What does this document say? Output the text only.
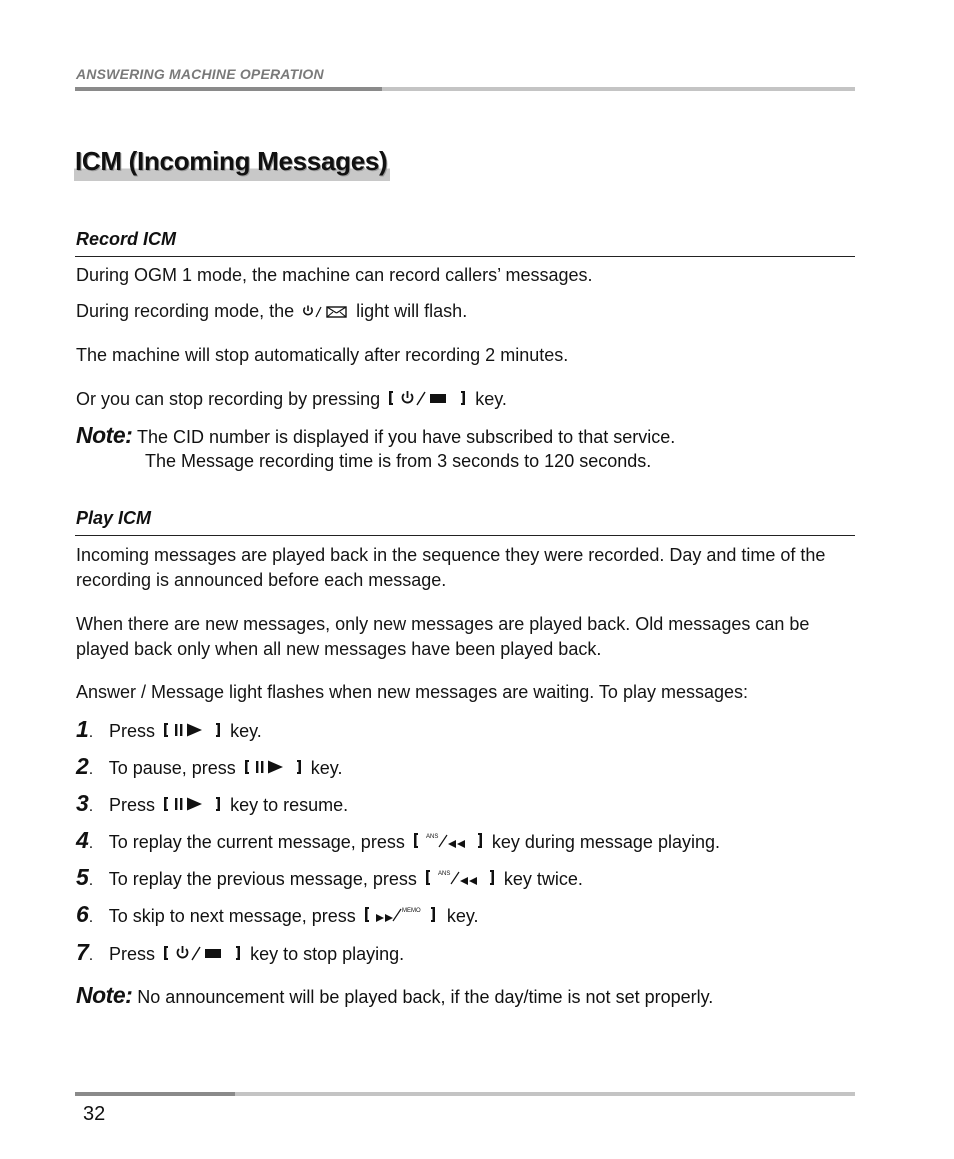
ANSWERING MACHINE OPERATION
ICM (Incoming Messages)
Record ICM
During OGM 1 mode, the machine can record callers’ messages.
During recording mode, the	light will flash.
The machine will stop automatically after recording 2 minutes.
Or you can stop recording by pressing	key.
Note: The CID number is displayed if you have subscribed to that service.
The Message recording time is from 3 seconds to 120 seconds.
Play ICM
Incoming messages are played back in the sequence they were recorded. Day and time of the recording is announced before each message.
When there are new messages, only new messages are played back. Old messages can be played back only when all new messages have been played back.
Answer / Message light flashes when new messages are waiting. To play messages:
1. Press	key.
2. To pause, press	key.
3. Press	key to resume.
4. To replay the current message, press	ANS	key during message playing.
5. To replay the previous message, press	ANS	key twice.
6. To skip to next message, press	MEMO key.
7. Press	key to stop playing.
Note: No announcement will be played back, if the day/time is not set properly.
32
